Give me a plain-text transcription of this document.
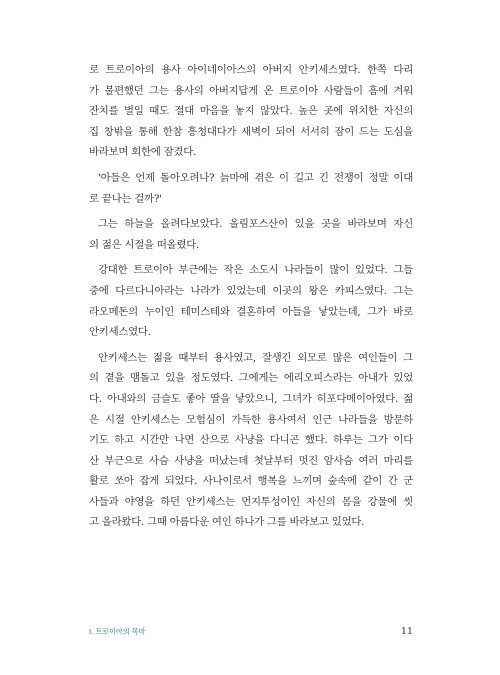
로 트로이아의 용사 아이네이아스의 아버지 안키세스였다. 한쪽 다리
가 불편했던 그는 용사의 아버지답게 온 트로이아 사람들이 흠에 겨워
잔치를 벌일 때도 절대 마음을 놓지 않았다. 높은 곳에 위치한 자신의
집 창밖을 통해 한참 흥청대다가 새벽이 되어 서서히 잠이 드는 도심을
바라보며 회한에 잠겼다.
'아들은 언제 돌아오려나? 늙마에 겪은 이 길고 긴 전쟁이 정말 이대
로 끝나는 걸까?'
그는 하늘을 올려다보았다. 올림포스산이 있을 곳을 바라보며 자신
의 젊은 시절을 떠올렸다.
강대한 트로이아 부근에는 작은 소도시 나라들이 많이 있었다. 그들
중에 다르다니아라는 나라가 있었는데 이곳의 왕은 카피스였다. 그는
라오메돈의 누이인 테미스테와 결혼하여 아들을 낳았는데, 그가 바로
안키세스였다.
안키세스는 젊을 때부터 용사였고, 잘생긴 외모로 많은 여인들이 그
의 곁을 맴돌고 있을 정도였다. 그에게는 에리오피스라는 아내가 있었
다. 아내와의 금슬도 좋아 딸을 낳았으니, 그녀가 히포다메이아였다. 젊
은 시절 안키세스는 모험심이 가득한 용사여서 인근 나라들을 방문하
기도 하고 시간만 나면 산으로 사냥을 다니곤 했다. 하루는 그가 이다
산 부근으로 사슴 사냥을 떠났는데 첫날부터 멋진 암사슴 여러 마리를
활로 쏘아 잡게 되었다. 사나이로서 행복을 느끼며 숲속에 같이 간 군
사들과 야영을 하던 안키세스는 먼지투성이인 자신의 몸을 강물에 씻
고 올라왔다. 그때 아름다운 여인 하나가 그를 바라보고 있었다.
I. 트로이아의 목마	11
